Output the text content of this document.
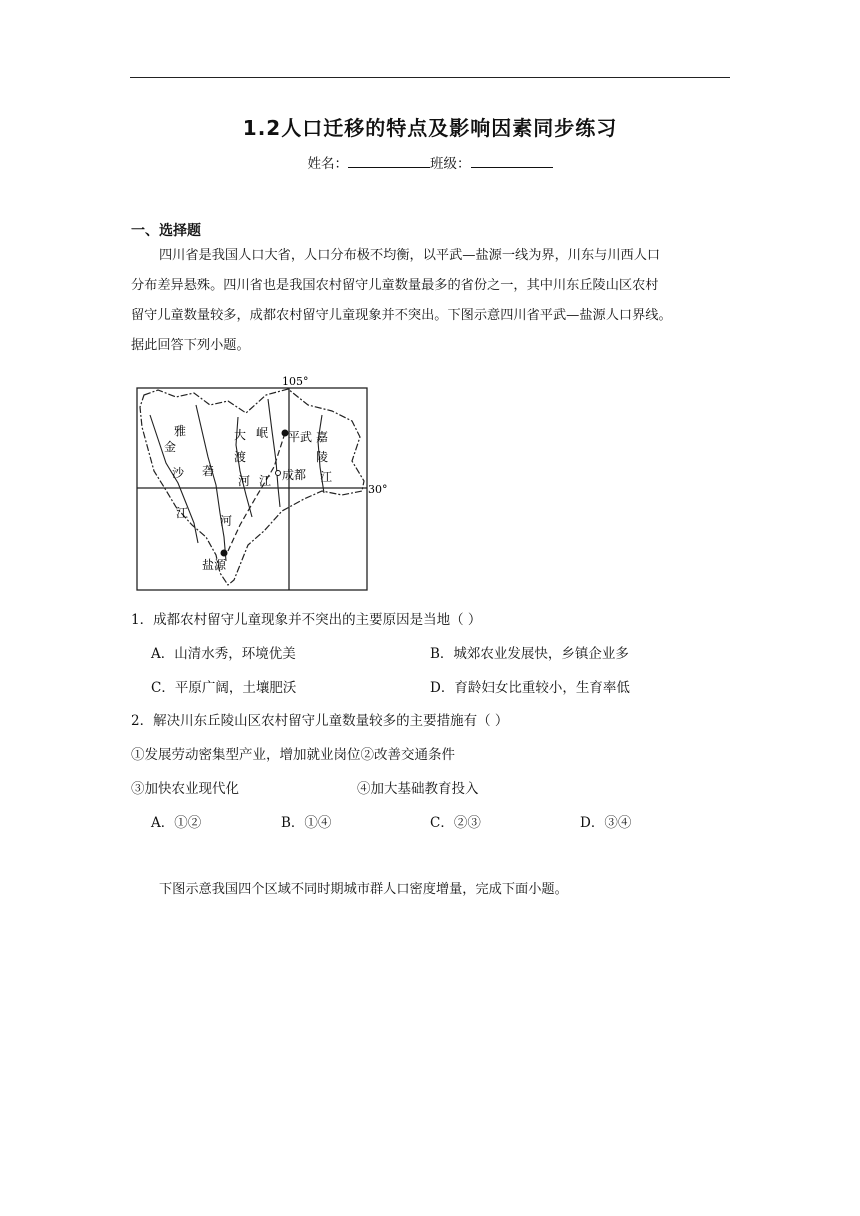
1.2人口迁移的特点及影响因素同步练习
姓名：	班级：
一、选择题
四川省是我国人口大省，人口分布极不均衡，以平武—盐源一线为界，川东与川西人口
分布差异悬殊。四川省也是我国农村留守儿童数量最多的省份之一，其中川东丘陵山区农村
留守儿童数量较多，成都农村留守儿童现象并不突出。下图示意四川省平武—盐源人口界线。
据此回答下列小题。
105°
30°
雅
金
沙
江
砻
河
大
渡
河
岷
江
平武
成都
盐源
嘉
陵
江
1．成都农村留守儿童现象并不突出的主要原因是当地（ ）
A．山清水秀，环境优美	B．城郊农业发展快，乡镇企业多
C．平原广阔，土壤肥沃	D．育龄妇女比重较小，生育率低
2．解决川东丘陵山区农村留守儿童数量较多的主要措施有（ ）
①发展劳动密集型产业，增加就业岗位②改善交通条件
③加快农业现代化	④加大基础教育投入
A．①②	B．①④	C．②③	D．③④
下图示意我国四个区域不同时期城市群人口密度增量，完成下面小题。
